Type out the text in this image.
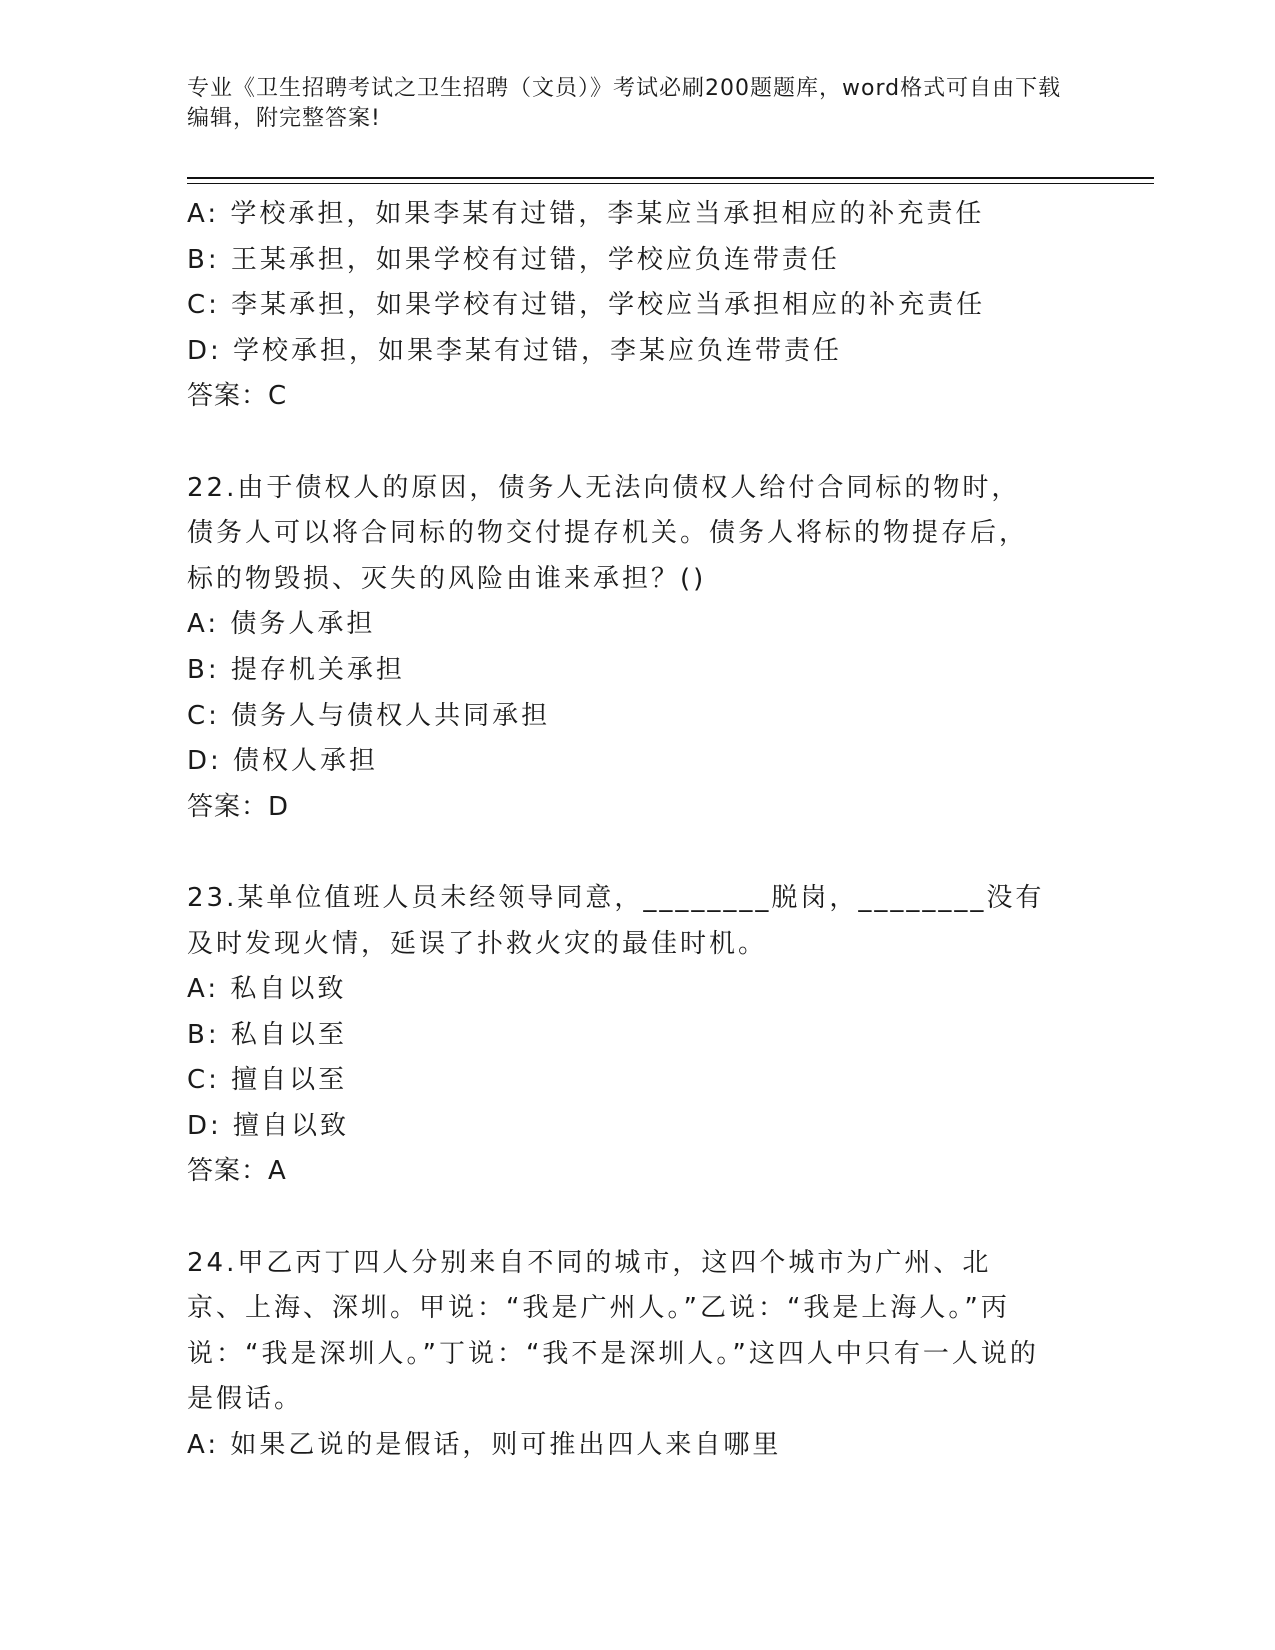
专业《卫生招聘考试之卫生招聘（文员）》考试必刷200题题库，word格式可自由下载编辑，附完整答案!
A: 学校承担，如果李某有过错，李某应当承担相应的补充责任
B: 王某承担，如果学校有过错，学校应负连带责任
C: 李某承担，如果学校有过错，学校应当承担相应的补充责任
D: 学校承担，如果李某有过错，李某应负连带责任
答案：C
22.由于债权人的原因，债务人无法向债权人给付合同标的物时，债务人可以将合同标的物交付提存机关。债务人将标的物提存后，标的物毁损、灭失的风险由谁来承担？()
A: 债务人承担
B: 提存机关承担
C: 债务人与债权人共同承担
D: 债权人承担
答案：D
23.某单位值班人员未经领导同意，________脱岗，________没有及时发现火情，延误了扑救火灾的最佳时机。
A: 私自以致
B: 私自以至
C: 擅自以至
D: 擅自以致
答案：A
24.甲乙丙丁四人分别来自不同的城市，这四个城市为广州、北京、上海、深圳。甲说：“我是广州人。”乙说：“我是上海人。”丙说：“我是深圳人。”丁说：“我不是深圳人。”这四人中只有一人说的是假话。
A: 如果乙说的是假话，则可推出四人来自哪里
